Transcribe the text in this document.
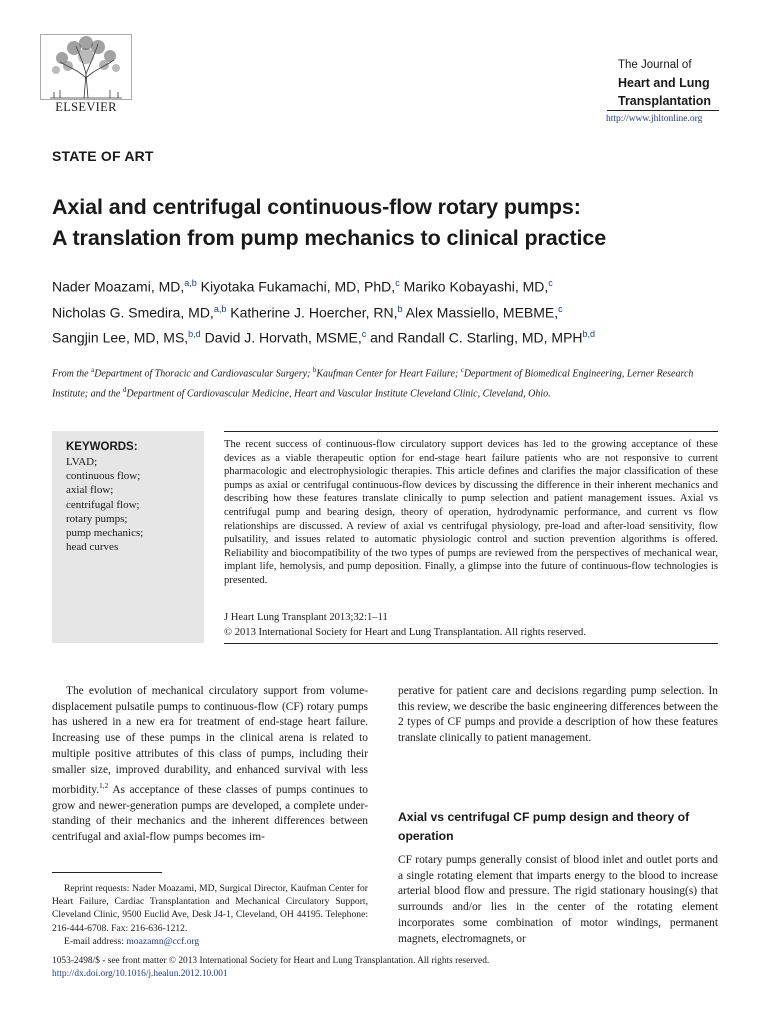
ELSEVIER
The Journal of
Heart and Lung
Transplantation
http://www.jhltonline.org
STATE OF ART
Axial and centrifugal continuous-flow rotary pumps:
A translation from pump mechanics to clinical practice
Nader Moazami, MD,$^{a,b}$ Kiyotaka Fukamachi, MD, PhD,$^c$ Mariko Kobayashi, MD,$^c$
Nicholas G. Smedira, MD,$^{a,b}$ Katherine J. Hoercher, RN,$^b$ Alex Massiello, MEBME,$^c$
Sangjin Lee, MD, MS,$^{b,d}$ David J. Horvath, MSME,$^c$ and Randall C. Starling, MD, MPH$^{b,d}$
From the $^a$Department of Thoracic and Cardiovascular Surgery; $^b$Kaufman Center for Heart Failure; $^c$Department of Biomedical Engineering, Lerner Research Institute; and the $^d$Department of Cardiovascular Medicine, Heart and Vascular Institute Cleveland Clinic, Cleveland, Ohio.
KEYWORDS:
LVAD;
continuous flow;
axial flow;
centrifugal flow;
rotary pumps;
pump mechanics;
head curves
The recent success of continuous-flow circulatory support devices has led to the growing acceptance of these devices as a viable therapeutic option for end-stage heart failure patients who are not responsive to current pharmacologic and electrophysiologic therapies. This article defines and clarifies the major classification of these pumps as axial or centrifugal continuous-flow devices by discussing the difference in their inherent mechanics and describing how these features translate clinically to pump selection and patient management issues. Axial vs centrifugal pump and bearing design, theory of operation, hydrodynamic performance, and current vs flow relationships are discussed. A review of axial vs centrifugal physiology, pre-load and after-load sensitivity, flow pulsatility, and issues related to automatic physiologic control and suction prevention algorithms is offered. Reliability and biocompatibility of the two types of pumps are reviewed from the perspectives of mechanical wear, implant life, hemolysis, and pump deposition. Finally, a glimpse into the future of continuous-flow technologies is presented.
J Heart Lung Transplant 2013;32:1–11
© 2013 International Society for Heart and Lung Transplantation. All rights reserved.

The evolution of mechanical circulatory support from volume-displacement pulsatile pumps to continuous-flow (CF) rotary pumps has ushered in a new era for treatment of end-stage heart failure. Increasing use of these pumps in the clinical arena is related to multiple positive attributes of this class of pumps, including their smaller size, improved durability, and enhanced survival with less morbidity.$^{1,2}$ As acceptance of these classes of pumps continues to grow and newer-generation pumps are developed, a complete under-standing of their mechanics and the inherent differences between centrifugal and axial-flow pumps becomes im-

perative for patient care and decisions regarding pump selection. In this review, we describe the basic engineering differences between the 2 types of CF pumps and provide a description of how these features translate clinically to patient management.

Axial vs centrifugal CF pump design and theory of operation

CF rotary pumps generally consist of blood inlet and outlet ports and a single rotating element that imparts energy to the blood to increase arterial blood flow and pressure. The rigid stationary housing(s) that surrounds and/or lies in the center of the rotating element incorporates some combination of motor windings, permanent magnets, electromagnets, or

Reprint requests: Nader Moazami, MD, Surgical Director, Kaufman Center for Heart Failure, Cardiac Transplantation and Mechanical Circulatory Support, Cleveland Clinic, 9500 Euclid Ave, Desk J4-1, Cleveland, OH 44195. Telephone: 216-444-6708. Fax: 216-636-1212.
E-mail address: moazamn@ccf.org
1053-2498/$ - see front matter © 2013 International Society for Heart and Lung Transplantation. All rights reserved.
http://dx.doi.org/10.1016/j.healun.2012.10.001
